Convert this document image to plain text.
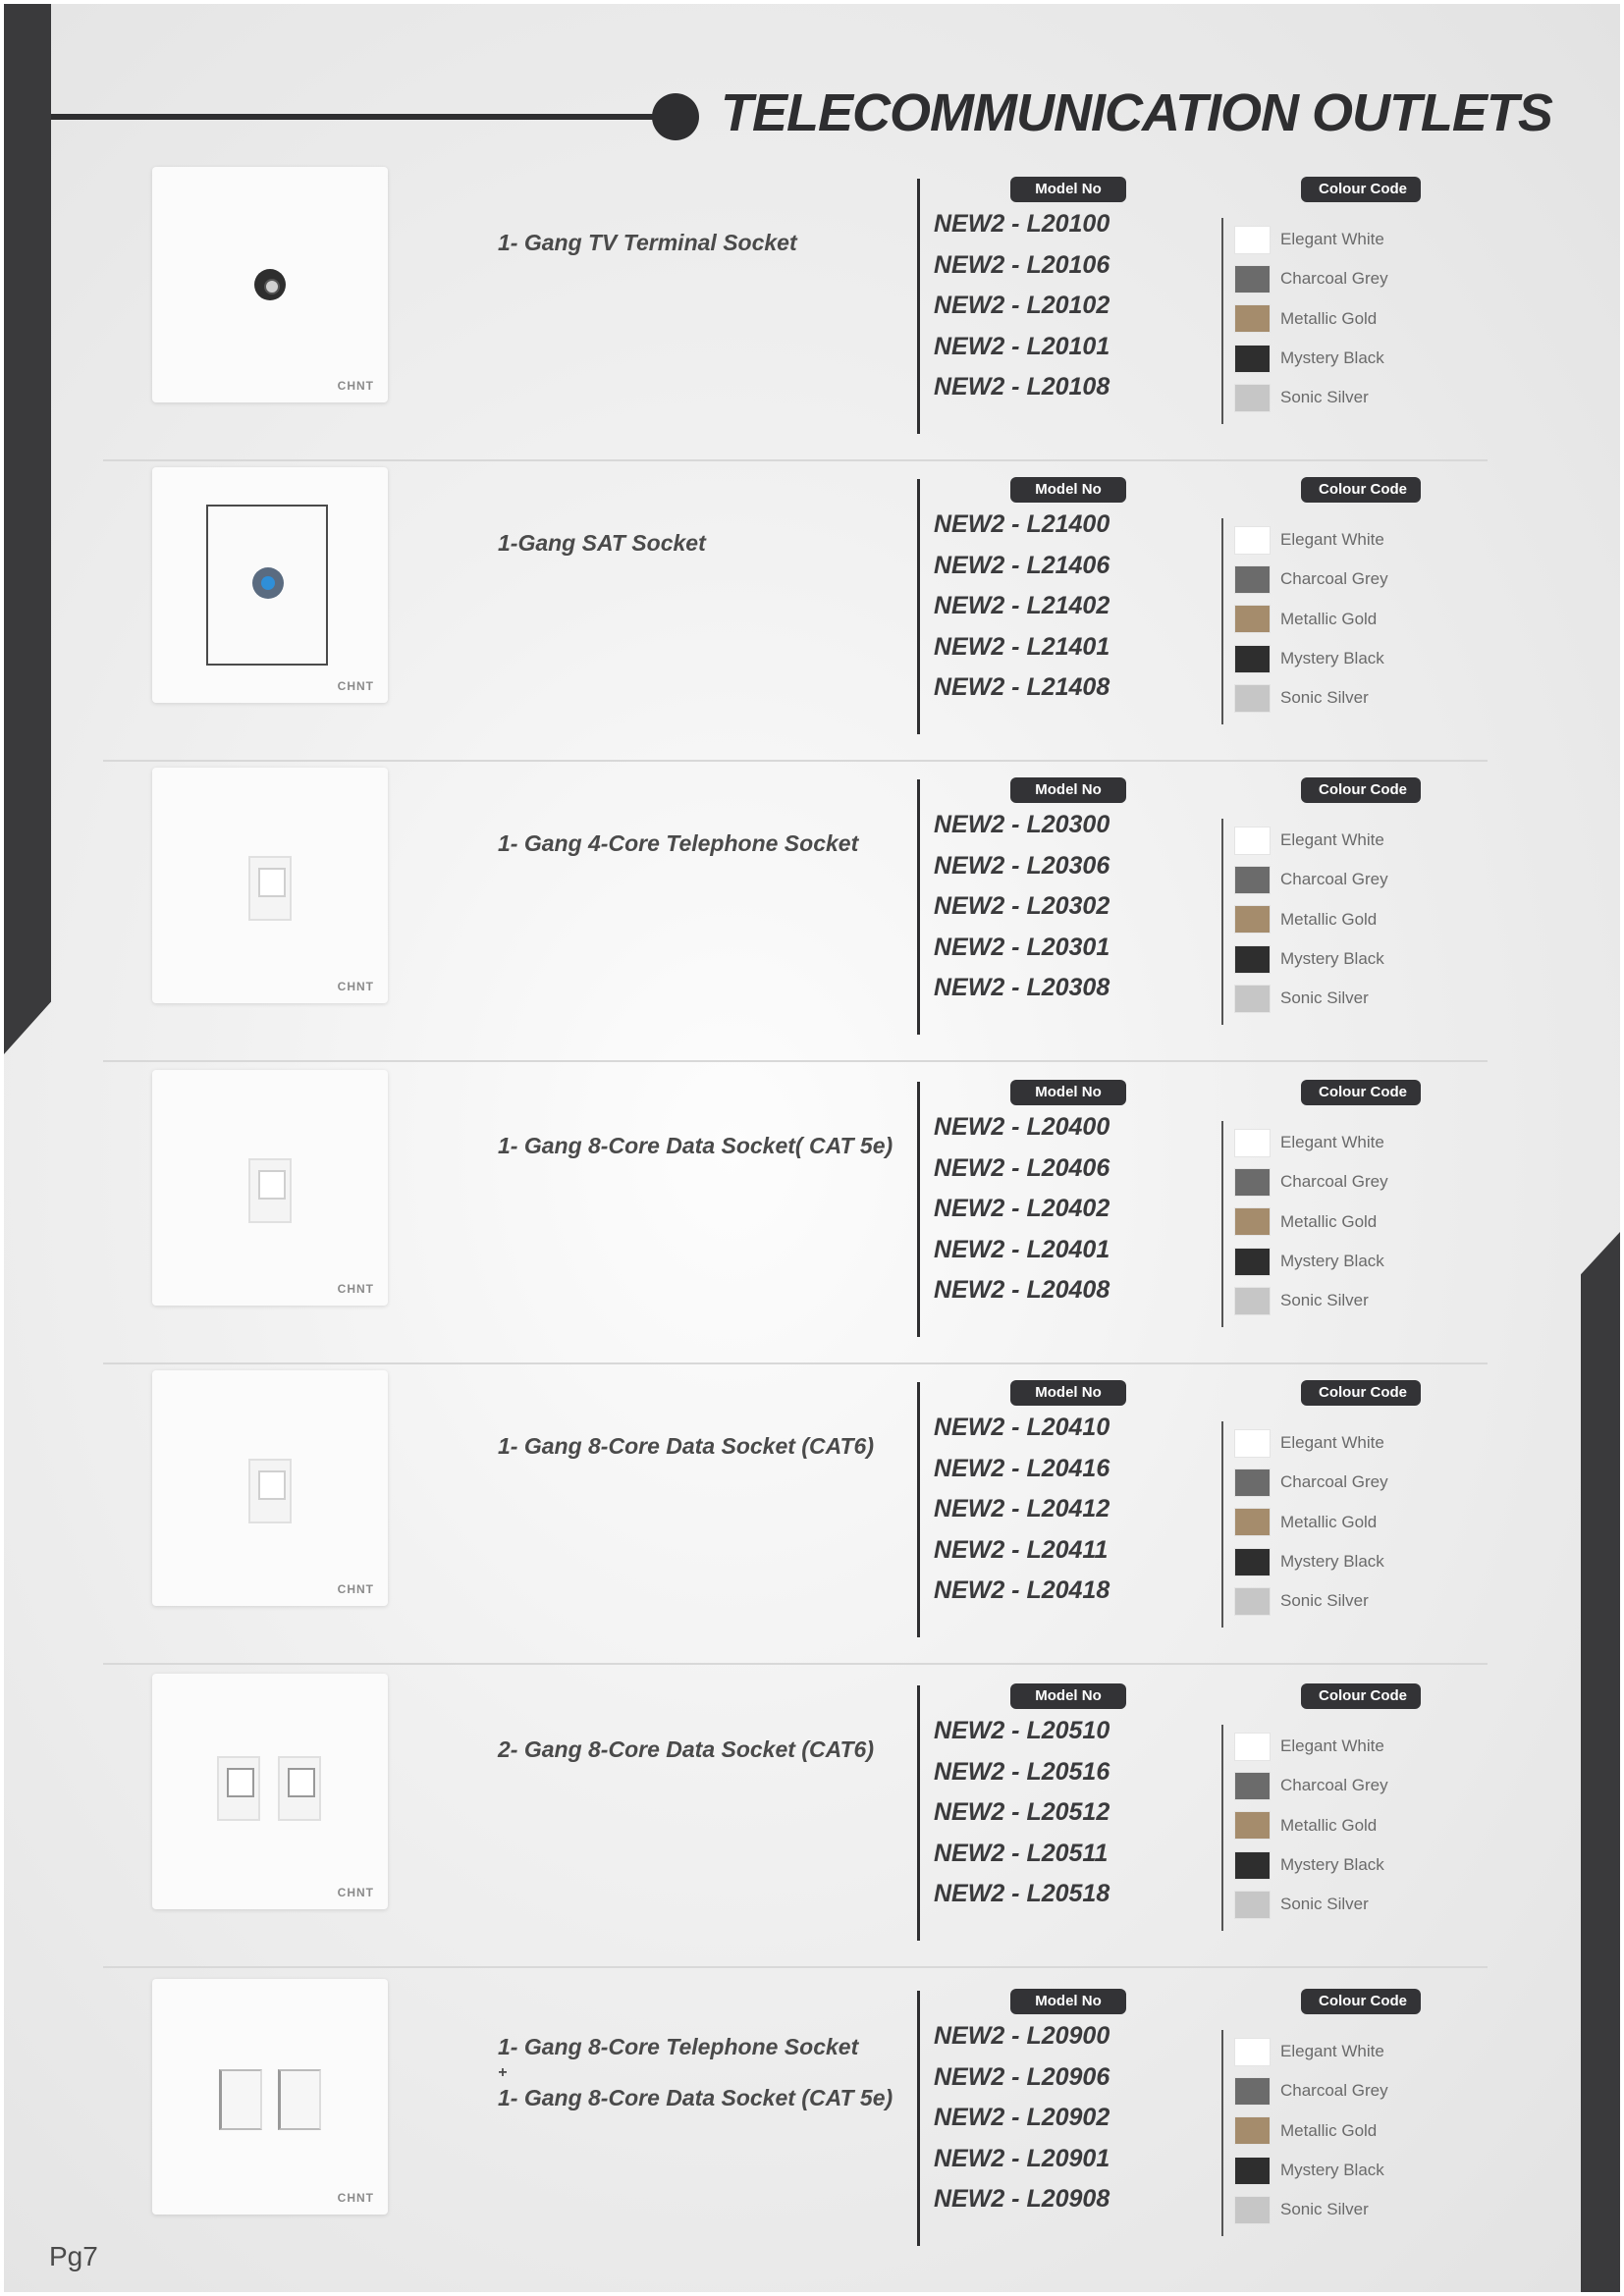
TELECOMMUNICATION OUTLETS
CHNT
1- Gang TV Terminal Socket
Model No
NEW2 - L20100
NEW2 - L20106
NEW2 - L20102
NEW2 - L20101
NEW2 - L20108
Colour Code
Elegant White
Charcoal Grey
Metallic Gold
Mystery Black
Sonic Silver
CHNT
1-Gang SAT Socket
Model No
NEW2 - L21400
NEW2 - L21406
NEW2 - L21402
NEW2 - L21401
NEW2 - L21408
Colour Code
Elegant White
Charcoal Grey
Metallic Gold
Mystery Black
Sonic Silver
CHNT
1- Gang 4-Core Telephone Socket
Model No
NEW2 - L20300
NEW2 - L20306
NEW2 - L20302
NEW2 - L20301
NEW2 - L20308
Colour Code
Elegant White
Charcoal Grey
Metallic Gold
Mystery Black
Sonic Silver
CHNT
1- Gang 8-Core Data Socket( CAT 5e)
Model No
NEW2 - L20400
NEW2 - L20406
NEW2 - L20402
NEW2 - L20401
NEW2 - L20408
Colour Code
Elegant White
Charcoal Grey
Metallic Gold
Mystery Black
Sonic Silver
CHNT
1- Gang 8-Core Data Socket (CAT6)
Model No
NEW2 - L20410
NEW2 - L20416
NEW2 - L20412
NEW2 - L20411
NEW2 - L20418
Colour Code
Elegant White
Charcoal Grey
Metallic Gold
Mystery Black
Sonic Silver
CHNT
2- Gang 8-Core Data Socket (CAT6)
Model No
NEW2 - L20510
NEW2 - L20516
NEW2 - L20512
NEW2 - L20511
NEW2 - L20518
Colour Code
Elegant White
Charcoal Grey
Metallic Gold
Mystery Black
Sonic Silver
CHNT
1- Gang 8-Core Telephone Socket
+
1- Gang 8-Core Data Socket (CAT 5e)
Model No
NEW2 - L20900
NEW2 - L20906
NEW2 - L20902
NEW2 - L20901
NEW2 - L20908
Colour Code
Elegant White
Charcoal Grey
Metallic Gold
Mystery Black
Sonic Silver
Pg7
